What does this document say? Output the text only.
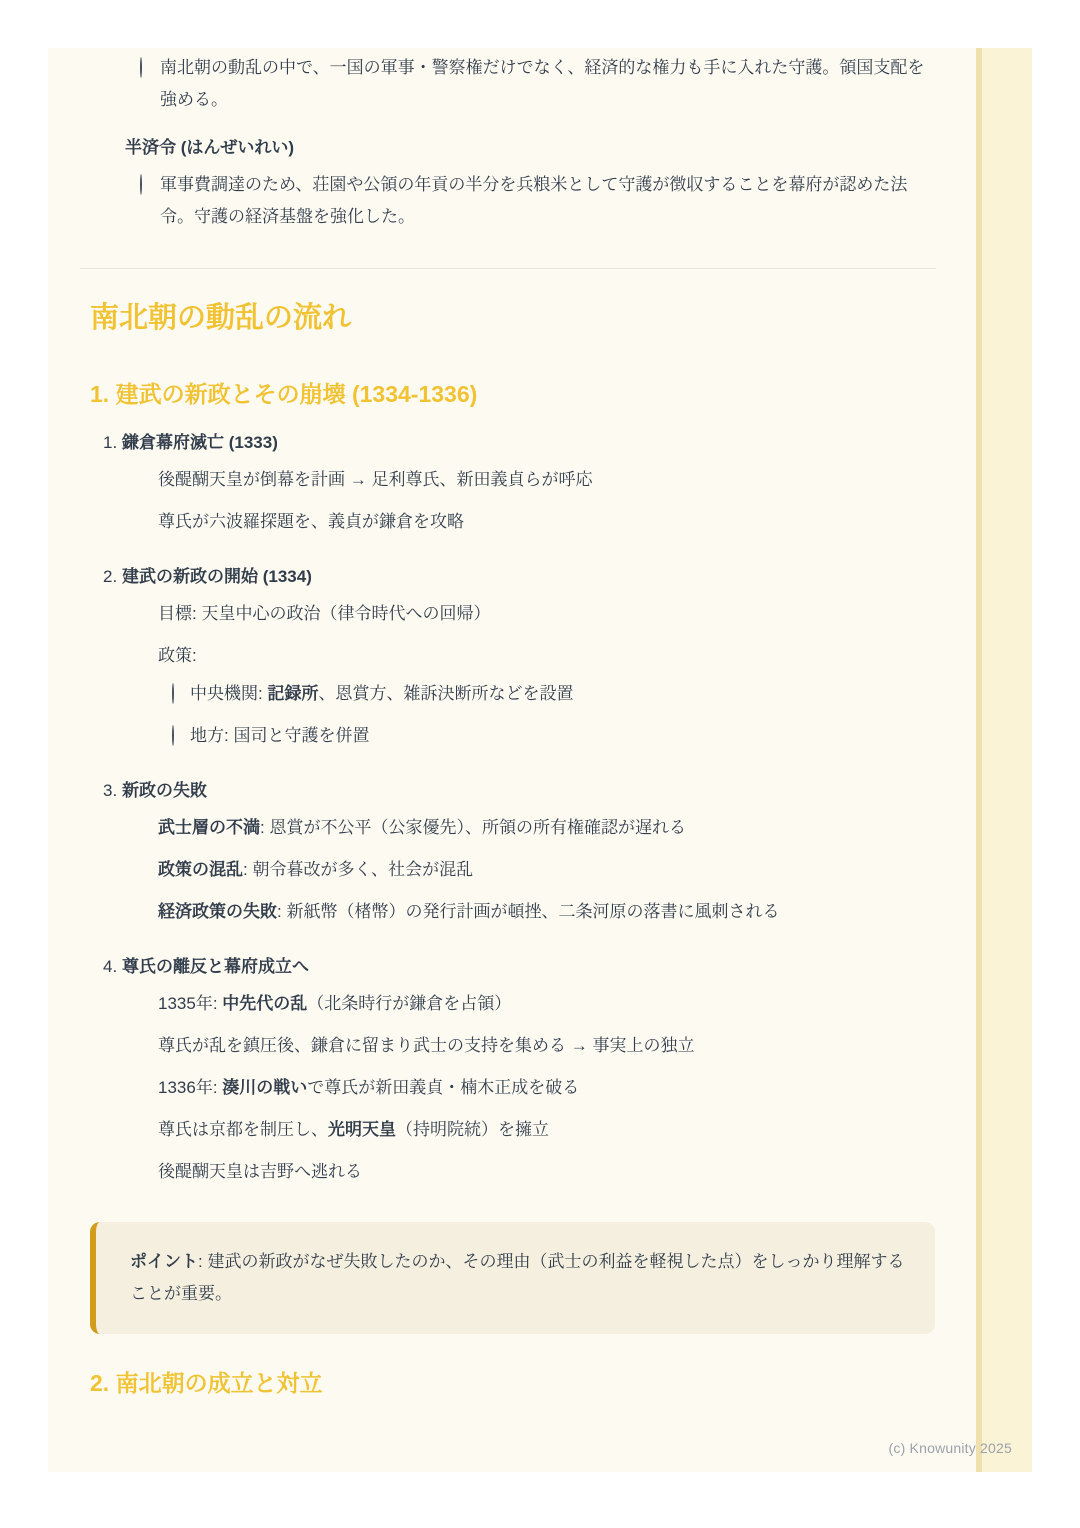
南北朝の動乱の中で、一国の軍事・警察権だけでなく、経済的な権力も手に入れた守護。領国支配を強める。
半済令 (はんぜいれい)
軍事費調達のため、荘園や公領の年貢の半分を兵粮米として守護が徴収することを幕府が認めた法令。守護の経済基盤を強化した。
南北朝の動乱の流れ
1. 建武の新政とその崩壊 (1334-1336)
1. 鎌倉幕府滅亡 (1333)
後醍醐天皇が倒幕を計画 → 足利尊氏、新田義貞らが呼応
尊氏が六波羅探題を、義貞が鎌倉を攻略
2. 建武の新政の開始 (1334)
目標: 天皇中心の政治（律令時代への回帰）
政策:
中央機関: 記録所、恩賞方、雑訴決断所などを設置
地方: 国司と守護を併置
3. 新政の失敗
武士層の不満: 恩賞が不公平（公家優先）、所領の所有権確認が遅れる
政策の混乱: 朝令暮改が多く、社会が混乱
経済政策の失敗: 新紙幣（楮幣）の発行計画が頓挫、二条河原の落書に風刺される
4. 尊氏の離反と幕府成立へ
1335年: 中先代の乱（北条時行が鎌倉を占領）
尊氏が乱を鎮圧後、鎌倉に留まり武士の支持を集める → 事実上の独立
1336年: 湊川の戦いで尊氏が新田義貞・楠木正成を破る
尊氏は京都を制圧し、光明天皇（持明院統）を擁立
後醍醐天皇は吉野へ逃れる
ポイント: 建武の新政がなぜ失敗したのか、その理由（武士の利益を軽視した点）をしっかり理解することが重要。
2. 南北朝の成立と対立
(c) Knowunity 2025
